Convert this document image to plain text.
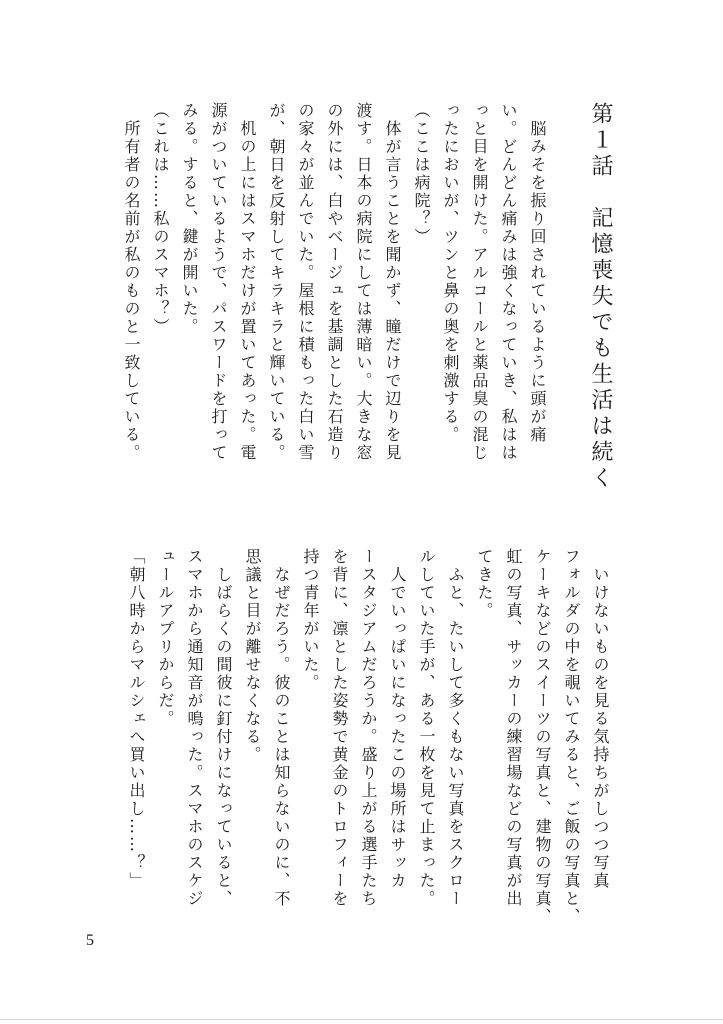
第１話　記憶喪失でも生活は続く

　脳みそを振り回されているように頭が痛

い。どんどん痛みは強くなっていき、私はは

っと目を開けた。アルコールと薬品臭の混じ

ったにおいが、ツンと鼻の奥を刺激する。

（ここは病院？）

　体が言うことを聞かず、瞳だけで辺りを見

渡す。日本の病院にしては薄暗い。大きな窓

の外には、白やベージュを基調とした石造り

の家々が並んでいた。屋根に積もった白い雪

が、朝日を反射してキラキラと輝いている。

　机の上にはスマホだけが置いてあった。電

源がついているようで、パスワードを打って

みる。すると、鍵が開いた。

（これは……私のスマホ？）

　所有者の名前が私のものと一致している。

　いけないものを見る気持ちがしつつ写真

フォルダの中を覗いてみると、ご飯の写真と、

ケーキなどのスイーツの写真と、建物の写真、

虹の写真、サッカーの練習場などの写真が出

てきた。

　ふと、たいして多くもない写真をスクロー

ルしていた手が、ある一枚を見て止まった。

　人でいっぱいになったこの場所はサッカ

ースタジアムだろうか。盛り上がる選手たち

を背に、凛とした姿勢で黄金のトロフィーを

持つ青年がいた。

　なぜだろう。彼のことは知らないのに、不

思議と目が離せなくなる。

　しばらくの間彼に釘付けになっていると、

スマホから通知音が鳴った。スマホのスケジ

ュールアプリからだ。

「朝八時からマルシェへ買い出し……？」

5
